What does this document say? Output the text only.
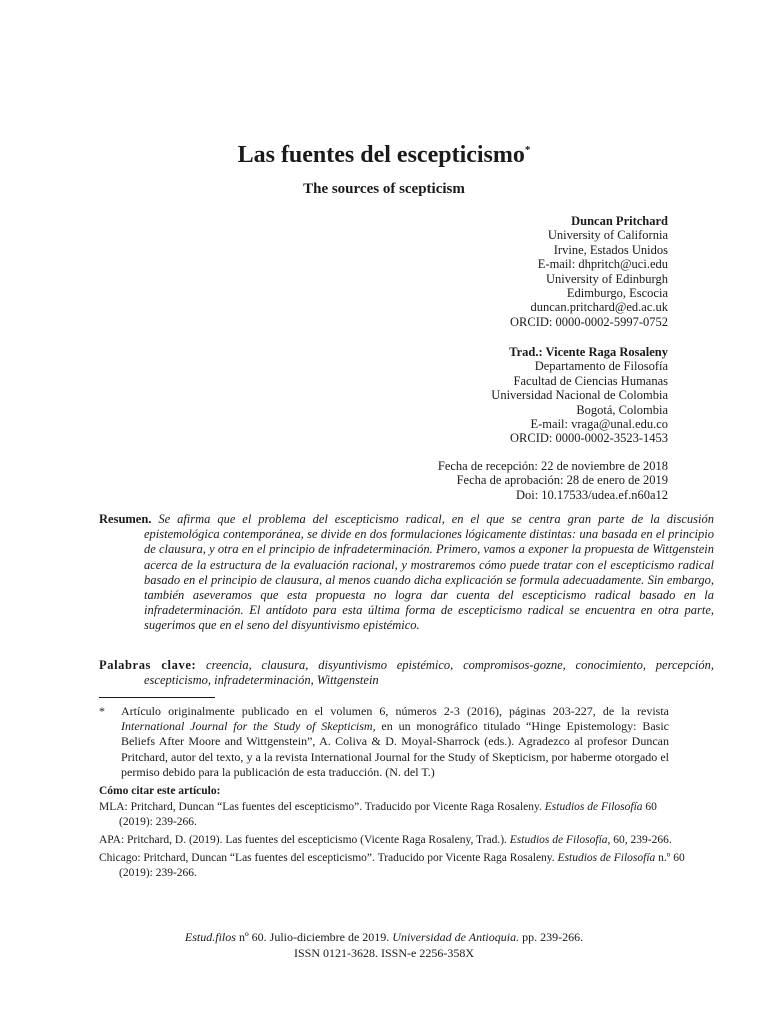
Las fuentes del escepticismo*
The sources of scepticism
Duncan Pritchard
University of California
Irvine, Estados Unidos
E-mail: dhpritch@uci.edu
University of Edinburgh
Edimburgo, Escocia
duncan.pritchard@ed.ac.uk
ORCID: 0000-0002-5997-0752
Trad.: Vicente Raga Rosaleny
Departamento de Filosofía
Facultad de Ciencias Humanas
Universidad Nacional de Colombia
Bogotá, Colombia
E-mail: vraga@unal.edu.co
ORCID: 0000-0002-3523-1453
Fecha de recepción: 22 de noviembre de 2018
Fecha de aprobación: 28 de enero de 2019
Doi: 10.17533/udea.ef.n60a12
Resumen. Se afirma que el problema del escepticismo radical, en el que se centra gran parte de la discusión epistemológica contemporánea, se divide en dos formulaciones lógicamente distintas: una basada en el principio de clausura, y otra en el principio de infradeterminación. Primero, vamos a exponer la propuesta de Wittgenstein acerca de la estructura de la evaluación racional, y mostraremos cómo puede tratar con el escepticismo radical basado en el principio de clausura, al menos cuando dicha explicación se formula adecuadamente. Sin embargo, también aseveramos que esta propuesta no logra dar cuenta del escepticismo radical basado en la infradeterminación. El antídoto para esta última forma de escepticismo radical se encuentra en otra parte, sugerimos que en el seno del disyuntivismo epistémico.
Palabras clave: creencia, clausura, disyuntivismo epistémico, compromisos-gozne, conocimiento, percepción, escepticismo, infradeterminación, Wittgenstein
* Artículo originalmente publicado en el volumen 6, números 2-3 (2016), páginas 203-227, de la revista International Journal for the Study of Skepticism, en un monográfico titulado “Hinge Epistemology: Basic Beliefs After Moore and Wittgenstein”, A. Coliva & D. Moyal-Sharrock (eds.). Agradezco al profesor Duncan Pritchard, autor del texto, y a la revista International Journal for the Study of Skepticism, por haberme otorgado el permiso debido para la publicación de esta traducción. (N. del T.)
Cómo citar este artículo:
MLA: Pritchard, Duncan “Las fuentes del escepticismo”. Traducido por Vicente Raga Rosaleny. Estudios de Filosofía 60 (2019): 239-266.
APA: Pritchard, D. (2019). Las fuentes del escepticismo (Vicente Raga Rosaleny, Trad.). Estudios de Filosofía, 60, 239-266.
Chicago: Pritchard, Duncan “Las fuentes del escepticismo”. Traducido por Vicente Raga Rosaleny. Estudios de Filosofía n.º 60 (2019): 239-266.
Estud.filos nº 60. Julio-diciembre de 2019. Universidad de Antioquia. pp. 239-266.
ISSN 0121-3628. ISSN-e 2256-358X
